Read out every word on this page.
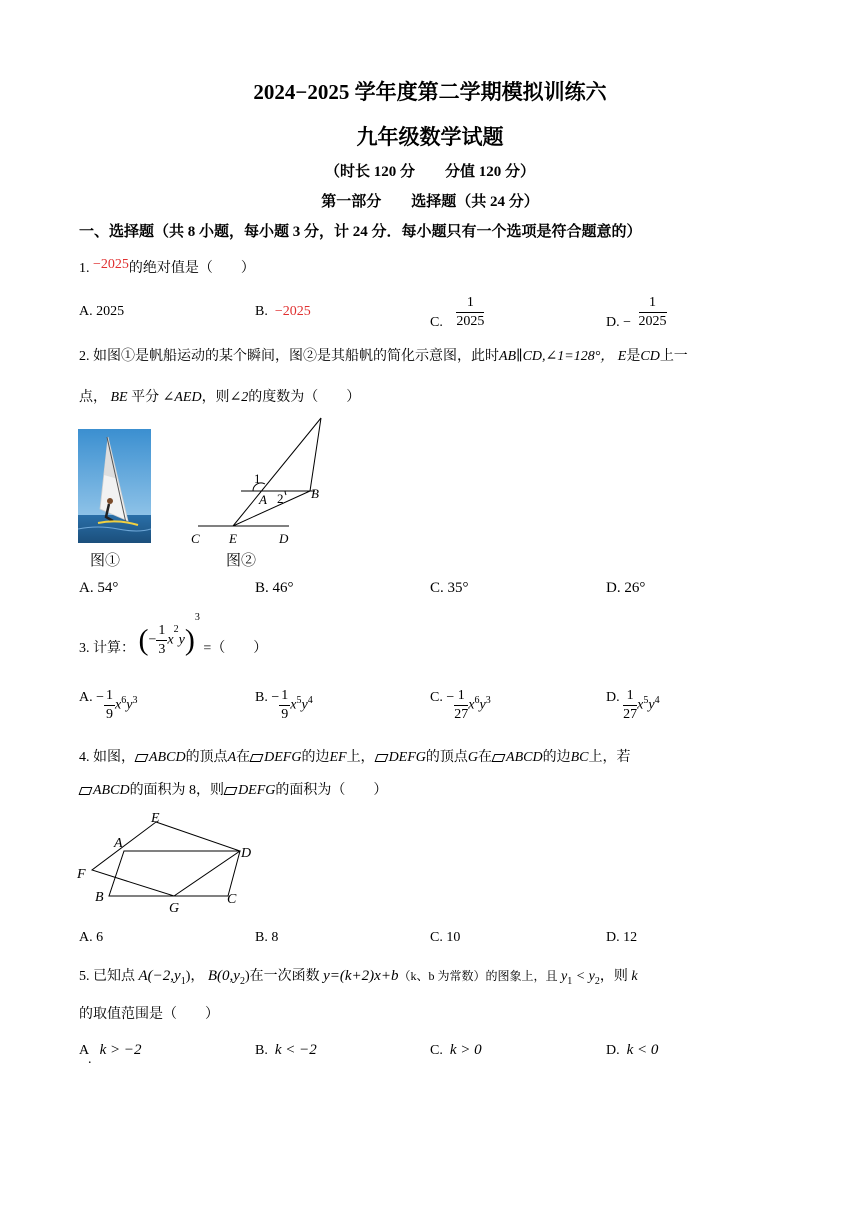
2024−2025 学年度第二学期模拟训练六
九年级数学试题
（时长 120 分　　分值 120 分）
第一部分　　选择题（共 24 分）
一、选择题（共 8 小题，每小题 3 分，计 24 分．每小题只有一个选项是符合题意的）
1. −2025的绝对值是（　　）
A. 2025	B. −2025
C. $\frac{1}{2025}$	D. − $\frac{1}{2025}$
2. 如图①是帆船运动的某个瞬间，图②是其船帆的简化示意图，此时AB∥CD,∠1=128°， E是CD上一
点， BE 平分 ∠AED，则∠2的度数为（　　）
图①
1
2
A	B
C E	D
图②
A. 54°	B. 46°	C. 35°	D. 26°
3. 计算： (− $\frac{1}{3} x^2y)^3$ =（　　）
A. − $\frac{1}{9} x^6y^3$	B. − $\frac{1}{9} x^5y^4$	C. − $\frac{1}{27} x^6y^3$	D. $\frac{1}{27} x^5y^4$
4. 如图， ABCD的顶点A在 DEFG的边EF上， DEFG的顶点G在 ABCD的边BC上，若
ABCD的面积为 8，则 DEFG的面积为（　　）
E
A
D
F
B
G
C
A. 6	B. 8	C. 10	D. 12
5. 已知点 $A(-2,y_1)$， $B(0,y_2)$在一次函数 y=(k+2)x+b（k、b 为常数）的图象上，且 $y_1 < y_2$，则 k
的取值范围是（　　）
A k > −2
.
B. k < −2	C. k > 0	D. k < 0
